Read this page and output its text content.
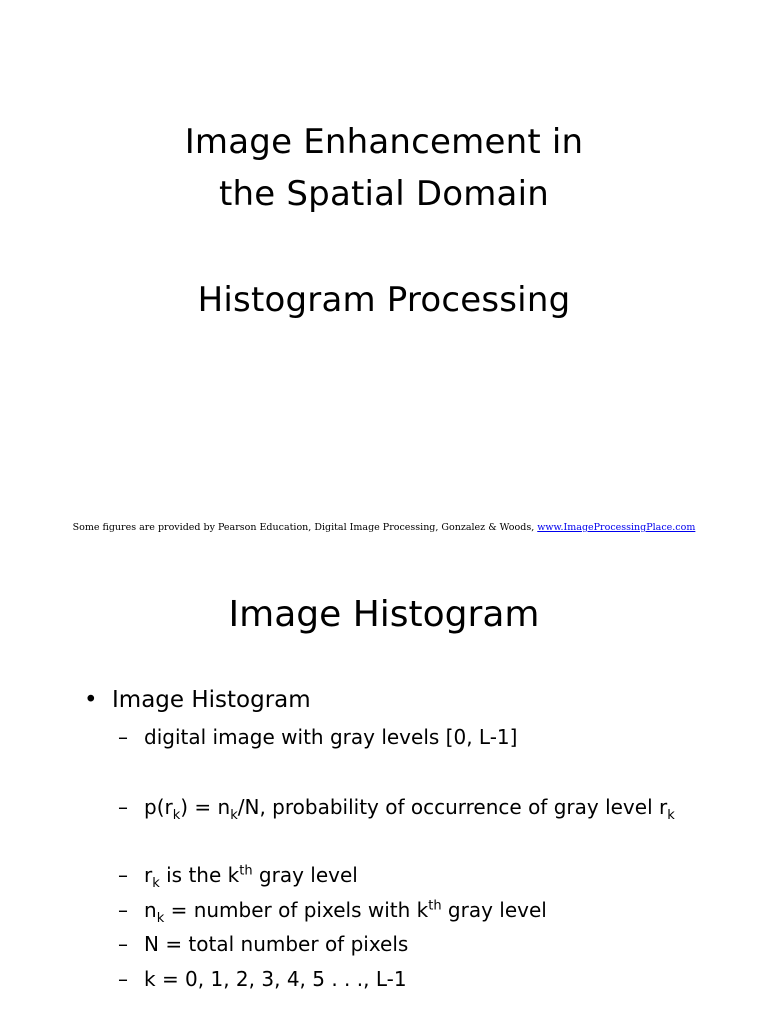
Image Enhancement in
the Spatial Domain
Histogram Processing
Some figures are provided by Pearson Education, Digital Image Processing, Gonzalez & Woods, www.ImageProcessingPlace.com
Image Histogram
• Image Histogram
– digital image with gray levels [0, L-1]
– $p(r_k) = n_k/N$, probability of occurrence of gray level $r_k$
– $r_k$ is the $k^{th}$ gray level
– $n_k$ = number of pixels with $k^{th}$ gray level
– N = total number of pixels
– k = 0, 1, 2, 3, 4, 5 . . ., L-1
